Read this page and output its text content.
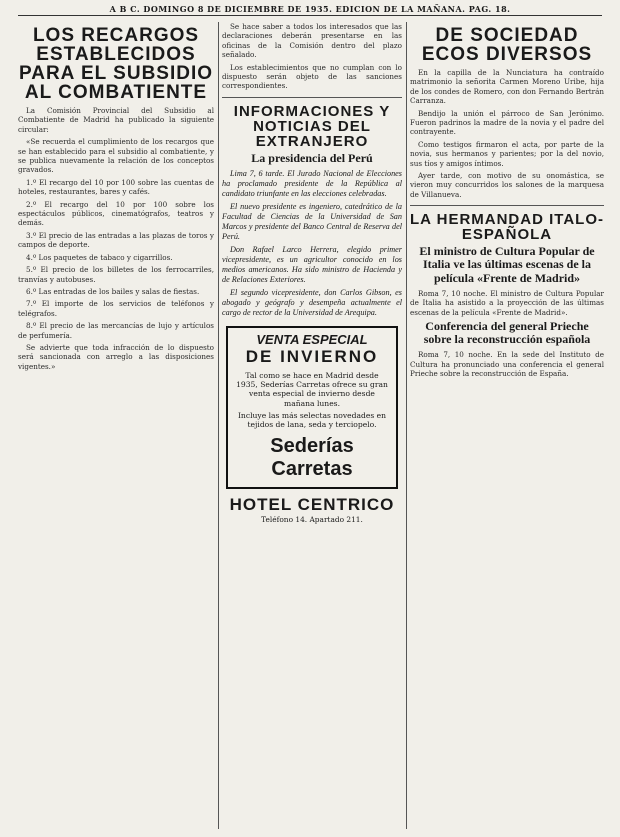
A B C. DOMINGO 8 DE DICIEMBRE DE 1935. EDICION DE LA MAÑANA. PAG. 18.
LOS RECARGOS ESTABLECIDOS PARA EL SUBSIDIO AL COMBATIENTE

La Comisión Provincial del Subsidio al Combatiente de Madrid ha publicado la siguiente circular:

«Se recuerda el cumplimiento de los recargos que se han establecido para el subsidio al combatiente, y se publica nuevamente la relación de los conceptos gravados.

1.º El recargo del 10 por 100 sobre las cuentas de hoteles, restaurantes, bares y cafés.

2.º El recargo del 10 por 100 sobre los espectáculos públicos, cinematógrafos, teatros y demás.

3.º El precio de las entradas a las plazas de toros y campos de deporte.

4.º Los paquetes de tabaco y cigarrillos.

5.º El precio de los billetes de los ferrocarriles, tranvías y autobuses.

6.º Las entradas de los bailes y salas de fiestas.

7.º El importe de los servicios de teléfonos y telégrafos.

8.º El precio de las mercancías de lujo y artículos de perfumería.

Se advierte que toda infracción de lo dispuesto será sancionada con arreglo a las disposiciones vigentes.»

Se hace saber a todos los interesados que las declaraciones deberán presentarse en las oficinas de la Comisión dentro del plazo señalado.

Los establecimientos que no cumplan con lo dispuesto serán objeto de las sanciones correspondientes.

INFORMACIONES Y NOTICIAS DEL EXTRANJERO
La presidencia del Perú

Lima 7, 6 tarde. El Jurado Nacional de Elecciones ha proclamado presidente de la República al candidato triunfante en las elecciones celebradas.

El nuevo presidente es ingeniero, catedrático de la Facultad de Ciencias de la Universidad de San Marcos y presidente del Banco Central de Reserva del Perú.

Don Rafael Larco Herrera, elegido primer vicepresidente, es un agricultor conocido en los medios americanos. Ha sido ministro de Hacienda y de Relaciones Exteriores.

El segundo vicepresidente, don Carlos Gibson, es abogado y geógrafo y desempeña actualmente el cargo de rector de la Universidad de Arequipa.

VENTA ESPECIAL
DE INVIERNO
Tal como se hace en Madrid desde 1935, Sederías Carretas ofrece su gran venta especial de invierno desde mañana lunes.
Incluye las más selectas novedades en tejidos de lana, seda y terciopelo.
Sederías Carretas
HOTEL CENTRICO
Teléfono 14. Apartado 211.
DE SOCIEDAD ECOS DIVERSOS

En la capilla de la Nunciatura ha contraído matrimonio la señorita Carmen Moreno Uribe, hija de los condes de Romero, con don Fernando Bertrán Carranza.

Bendijo la unión el párroco de San Jerónimo. Fueron padrinos la madre de la novia y el padre del contrayente.

Como testigos firmaron el acta, por parte de la novia, sus hermanos y parientes; por la del novio, sus tíos y amigos íntimos.

Ayer tarde, con motivo de su onomástica, se vieron muy concurridos los salones de la marquesa de Villanueva.

LA HERMANDAD ITALO-ESPAÑOLA
El ministro de Cultura Popular de Italia ve las últimas escenas de la película «Frente de Madrid»

Roma 7, 10 noche. El ministro de Cultura Popular de Italia ha asistido a la proyección de las últimas escenas de la película «Frente de Madrid».

Conferencia del general Prieche sobre la reconstrucción española

Roma 7, 10 noche. En la sede del Instituto de Cultura ha pronunciado una conferencia el general Prieche sobre la reconstrucción de España.
